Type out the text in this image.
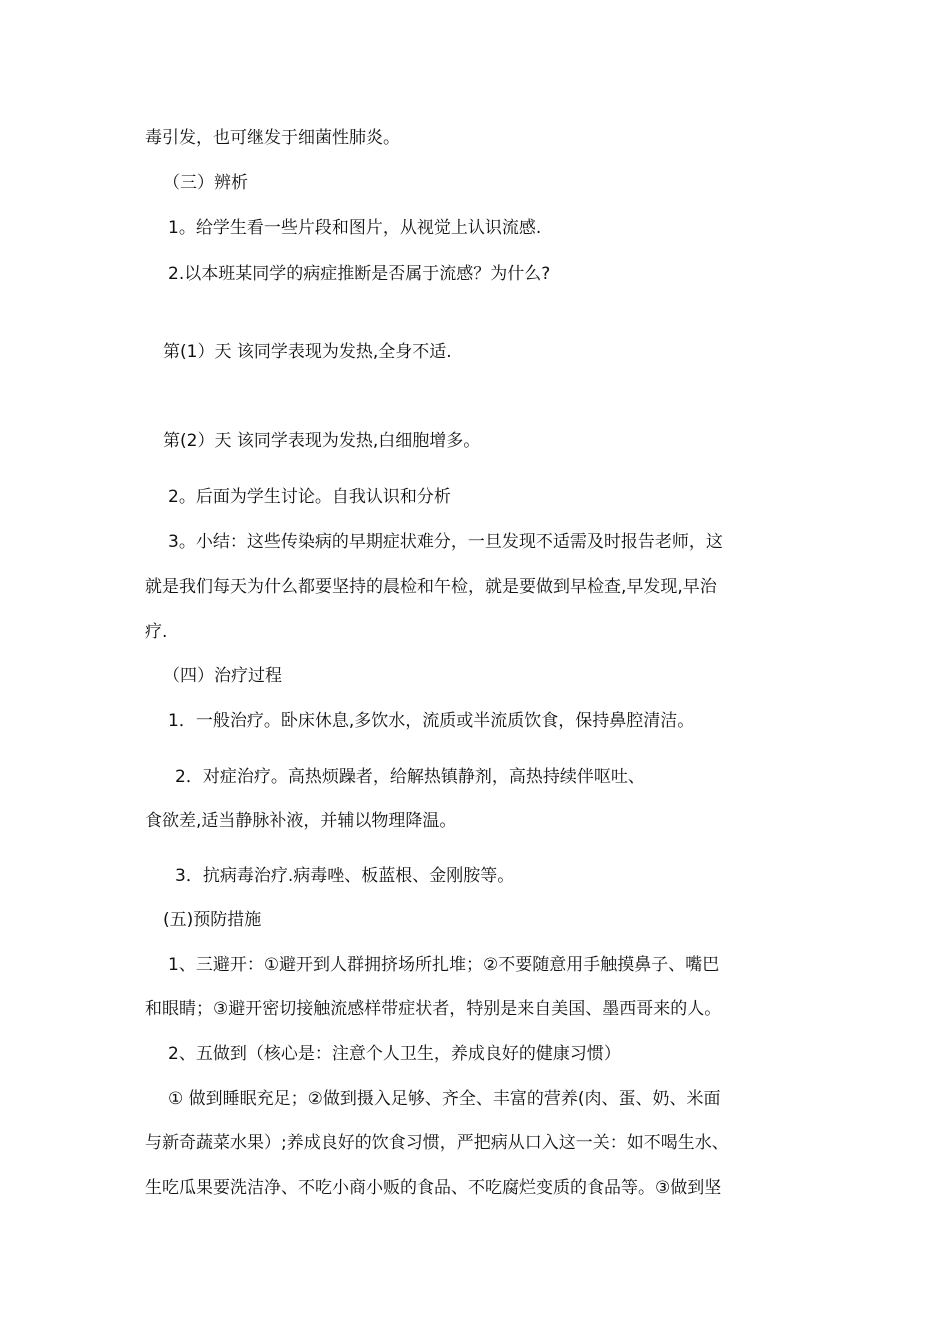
毒引发，也可继发于细菌性肺炎。
（三）辨析
1。给学生看一些片段和图片，从视觉上认识流感.
2.以本班某同学的病症推断是否属于流感？为什么?
第(1）天 该同学表现为发热,全身不适.
第(2）天 该同学表现为发热,白细胞增多。
2。后面为学生讨论。自我认识和分析
3。小结：这些传染病的早期症状难分，一旦发现不适需及时报告老师，这
就是我们每天为什么都要坚持的晨检和午检，就是要做到早检查,早发现,早治
疗.
（四）治疗过程
1．一般治疗。卧床休息,多饮水，流质或半流质饮食，保持鼻腔清洁。
2．对症治疗。高热烦躁者，给解热镇静剂，高热持续伴呕吐、
食欲差,适当静脉补液，并辅以物理降温。
3．抗病毒治疗.病毒唑、板蓝根、金刚胺等。
(五)预防措施
1、三避开：①避开到人群拥挤场所扎堆；②不要随意用手触摸鼻子、嘴巴
和眼睛；③避开密切接触流感样带症状者，特别是来自美国、墨西哥来的人。
2、五做到（核心是：注意个人卫生，养成良好的健康习惯）
① 做到睡眠充足；②做到摄入足够、齐全、丰富的营养(肉、蛋、奶、米面
与新奇蔬菜水果）;养成良好的饮食习惯，严把病从口入这一关：如不喝生水、
生吃瓜果要洗洁净、不吃小商小贩的食品、不吃腐烂变质的食品等。③做到坚
